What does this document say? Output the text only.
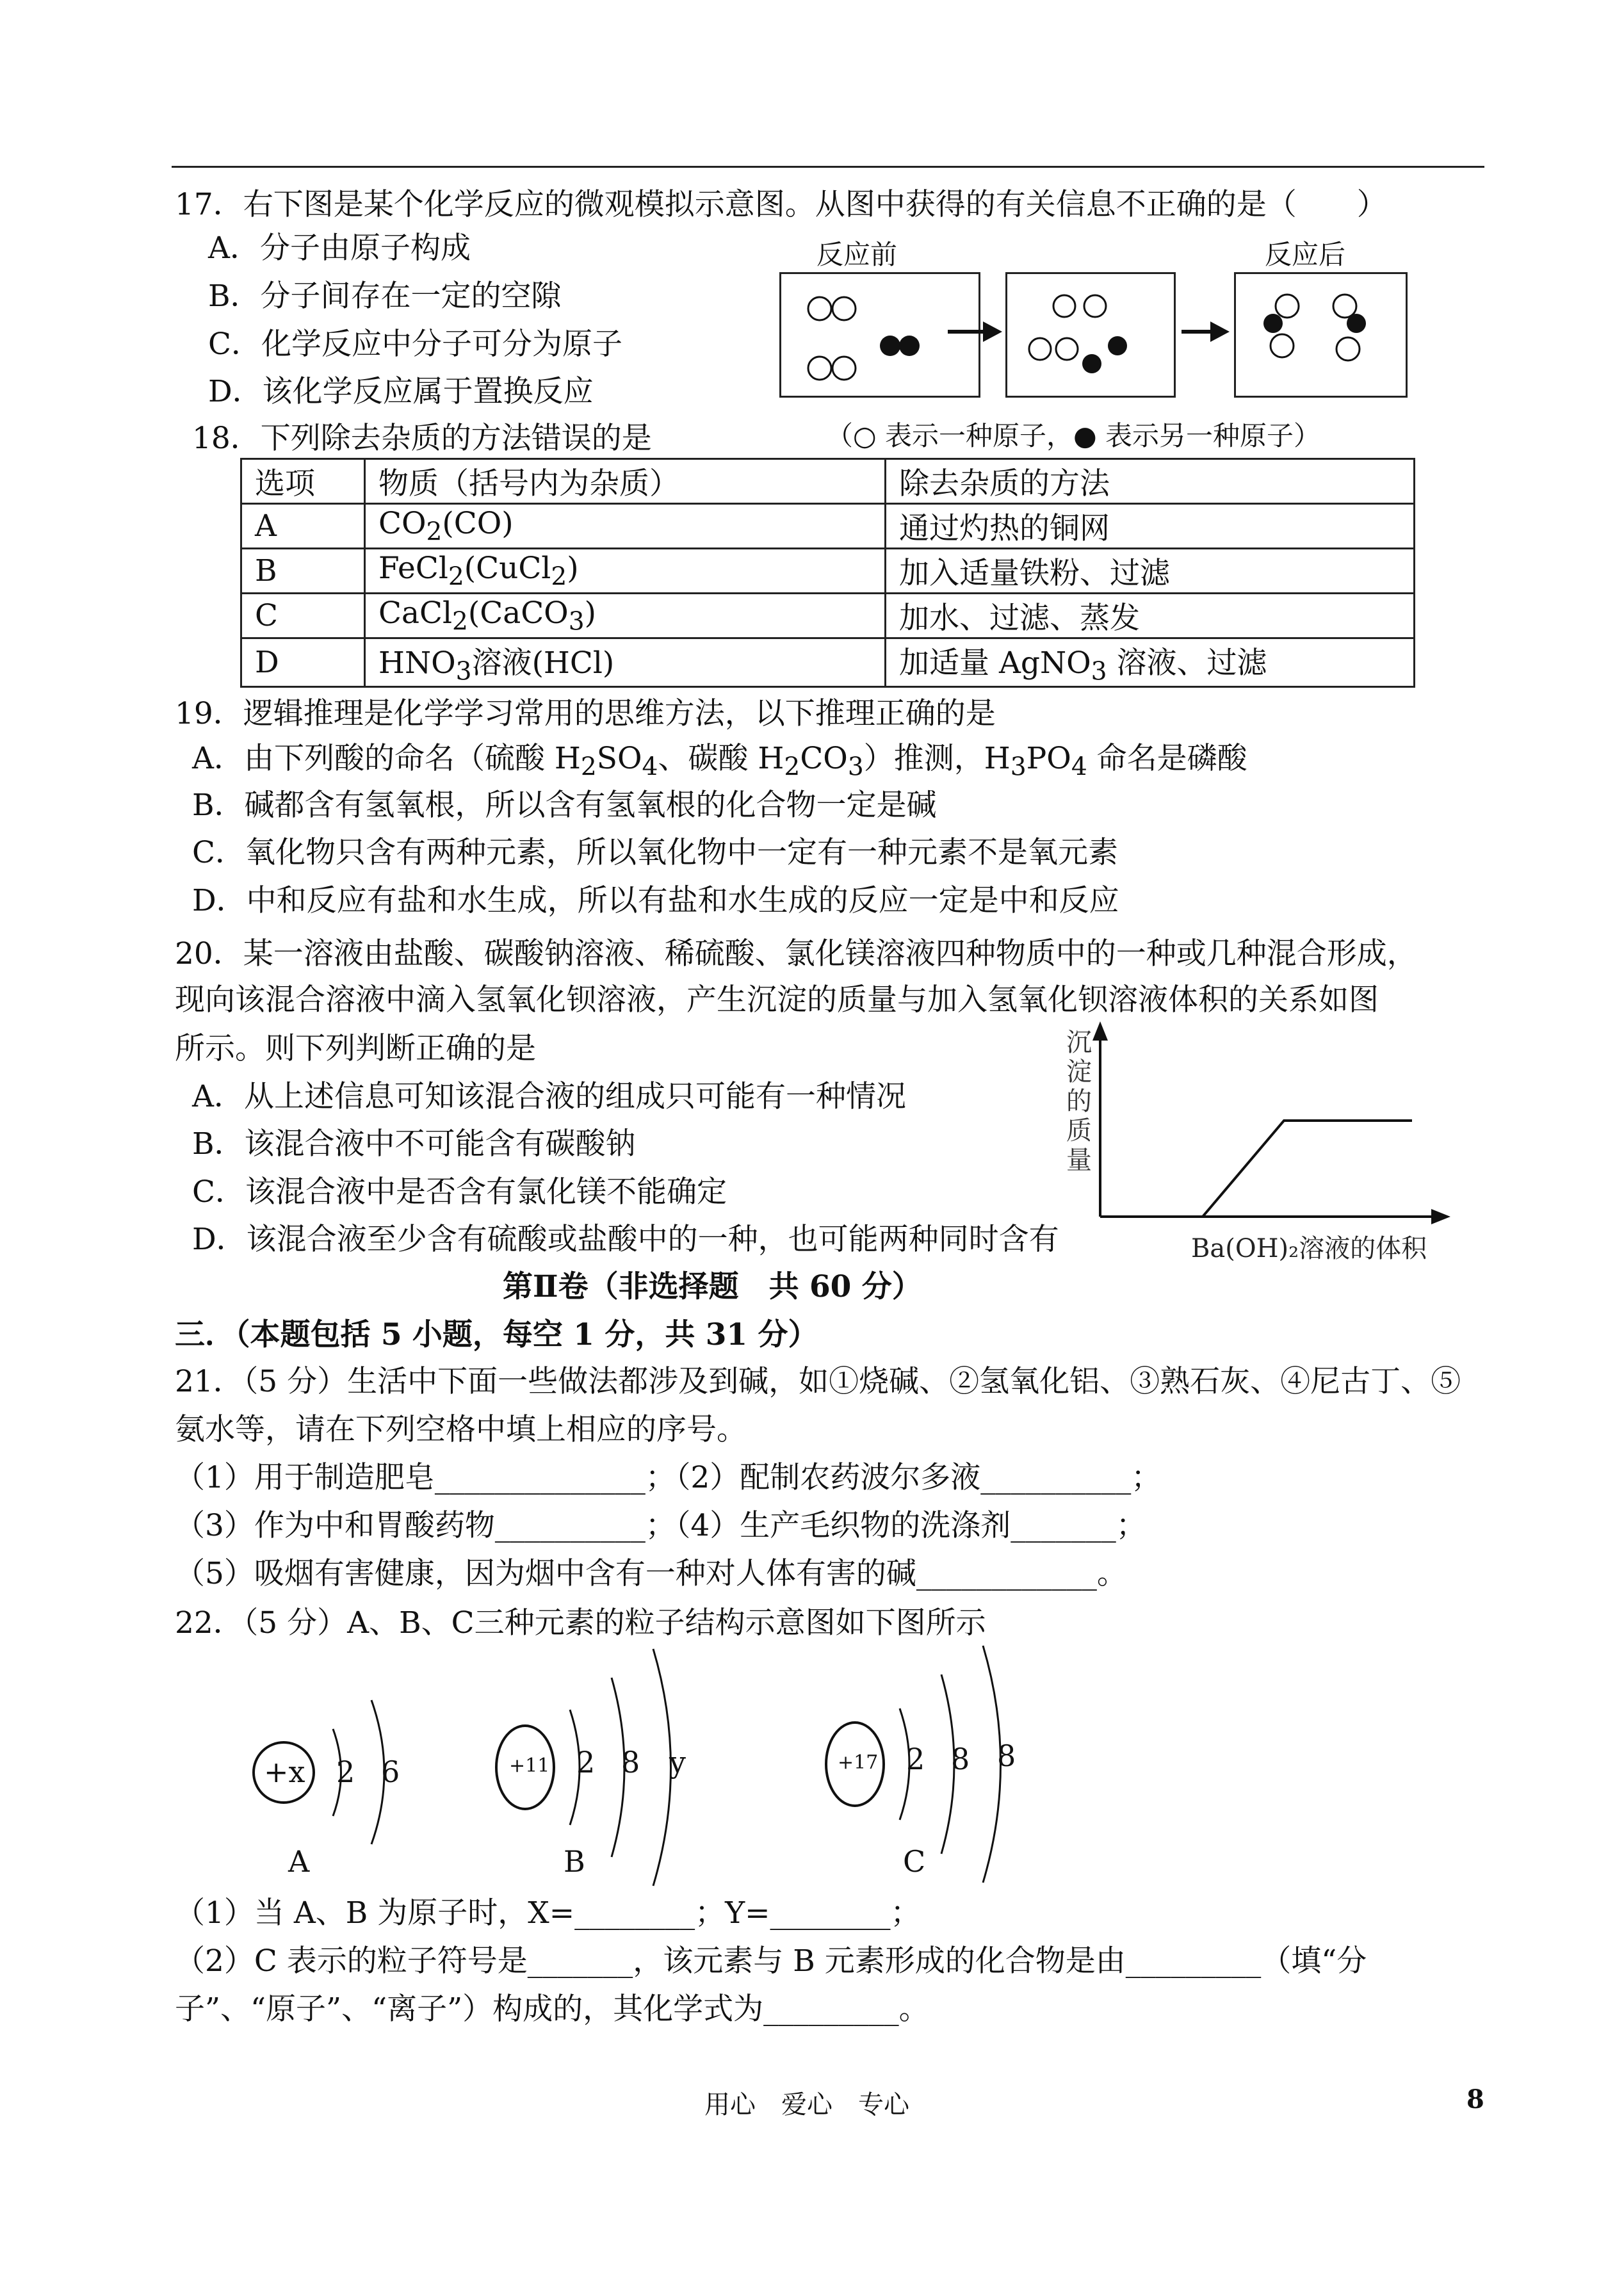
17．右下图是某个化学反应的微观模拟示意图。从图中获得的有关信息不正确的是（　　）
A．分子由原子构成
B．分子间存在一定的空隙
C．化学反应中分子可分为原子
D．该化学反应属于置换反应
反应前	反应后
（○ 表示一种原子，● 表示另一种原子）
18．下列除去杂质的方法错误的是
选项	物质（括号内为杂质）	除去杂质的方法
A	$CO_2(CO)$	通过灼热的铜网
B	FeCl$_2$(CuCl$_2$)	加入适量铁粉、过滤
C	CaCl$_2$(CaCO$_3$)	加水、过滤、蒸发
D	$HNO_3$溶液(HCl)	加适量 AgNO$_3$ 溶液、过滤
19．逻辑推理是化学学习常用的思维方法，以下推理正确的是
A．由下列酸的命名（硫酸 $H_2SO_4$、碳酸 $H_2CO_3$）推测，$H_3PO_4$ 命名是磷酸
B．碱都含有氢氧根，所以含有氢氧根的化合物一定是碱
C．氧化物只含有两种元素，所以氧化物中一定有一种元素不是氧元素
D．中和反应有盐和水生成，所以有盐和水生成的反应一定是中和反应
20．某一溶液由盐酸、碳酸钠溶液、稀硫酸、氯化镁溶液四种物质中的一种或几种混合形成，
现向该混合溶液中滴入氢氧化钡溶液，产生沉淀的质量与加入氢氧化钡溶液体积的关系如图
所示。则下列判断正确的是
A．从上述信息可知该混合液的组成只可能有一种情况
B．该混合液中不可能含有碳酸钠
C．该混合液中是否含有氯化镁不能确定
D．该混合液至少含有硫酸或盐酸中的一种，也可能两种同时含有
沉淀的质量
Ba(OH)₂溶液的体积
第Ⅱ卷（非选择题　共 60 分）
三．（本题包括 5 小题，每空 1 分，共 31 分）
21．（5 分）生活中下面一些做法都涉及到碱，如①烧碱、②氢氧化铝、③熟石灰、④尼古丁、⑤
氨水等，请在下列空格中填上相应的序号。
（1）用于制造肥皂______________；（2）配制农药波尔多液__________；
（3）作为中和胃酸药物__________；（4）生产毛织物的洗涤剂_______；
（5）吸烟有害健康，因为烟中含有一种对人体有害的碱____________。
22．（5 分）A、B、C三种元素的粒子结构示意图如下图所示
+x 2 6
A
+11 2 8 y
B
+17 2 8 8
C
（1）当 A、B 为原子时，X=________；Y=________；
（2）C 表示的粒子符号是_______，该元素与 B 元素形成的化合物是由_________（填“分
子”、“原子”、“离子”）构成的，其化学式为_________。
用心　爱心　专心	8
